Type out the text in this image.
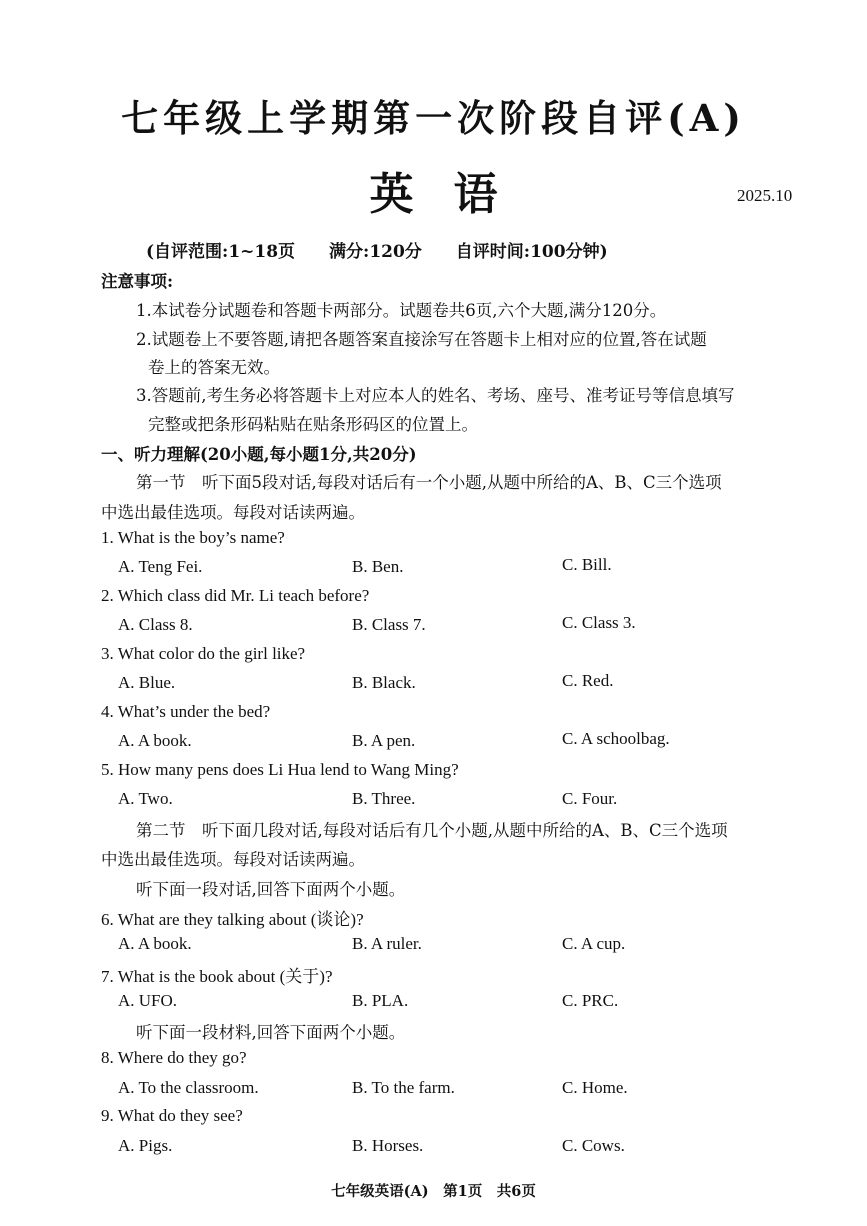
七年级上学期第一次阶段自评(A)
英语	2025.10
(自评范围:1~18页　　满分:120分　　自评时间:100分钟)
注意事项:
1.本试卷分试题卷和答题卡两部分。试题卷共6页,六个大题,满分120分。
2.试题卷上不要答题,请把各题答案直接涂写在答题卡上相对应的位置,答在试题
卷上的答案无效。
3.答题前,考生务必将答题卡上对应本人的姓名、考场、座号、准考证号等信息填写
完整或把条形码粘贴在贴条形码区的位置上。
一、听力理解(20小题,每小题1分,共20分)
第一节　听下面5段对话,每段对话后有一个小题,从题中所给的A、B、C三个选项
中选出最佳选项。每段对话读两遍。
1. What is the boy’s name?
A. Teng Fei.	B. Ben.	C. Bill.
2. Which class did Mr. Li teach before?
A. Class 8.	B. Class 7.	C. Class 3.
3. What color do the girl like?
A. Blue.	B. Black.	C. Red.
4. What’s under the bed?
A. A book.	B. A pen.	C. A schoolbag.
5. How many pens does Li Hua lend to Wang Ming?
A. Two.	B. Three.	C. Four.
第二节　听下面几段对话,每段对话后有几个小题,从题中所给的A、B、C三个选项
中选出最佳选项。每段对话读两遍。
听下面一段对话,回答下面两个小题。
6. What are they talking about (谈论)?
A. A book.	B. A ruler.	C. A cup.
7. What is the book about (关于)?
A. UFO.	B. PLA.	C. PRC.
听下面一段材料,回答下面两个小题。
8. Where do they go?
A. To the classroom.	B. To the farm.	C. Home.
9. What do they see?
A. Pigs.	B. Horses.	C. Cows.
七年级英语(A)　第1页　共6页
